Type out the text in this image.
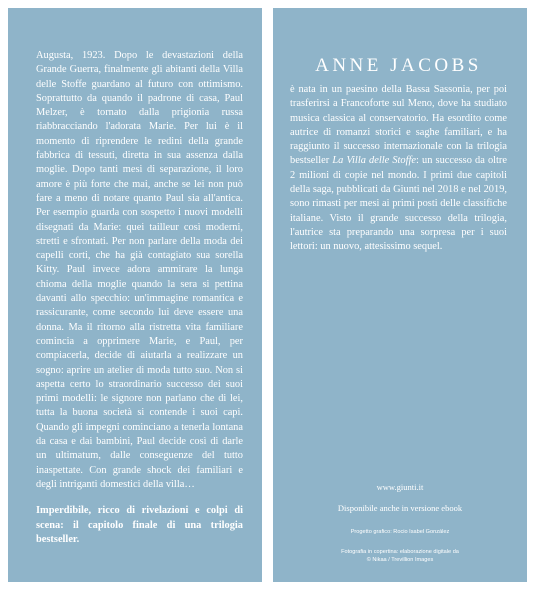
Augusta, 1923. Dopo le devastazioni della Grande Guerra, finalmente gli abitanti della Villa delle Stoffe guardano al futuro con ottimismo. Soprattutto da quando il padrone di casa, Paul Melzer, è tornato dalla prigionia russa riabbracciando l'adorata Marie. Per lui è il momento di riprendere le redini della grande fabbrica di tessuti, diretta in sua assenza dalla moglie. Dopo tanti mesi di separazione, il loro amore è più forte che mai, anche se lei non può fare a meno di notare quanto Paul sia all'antica. Per esempio guarda con sospetto i nuovi modelli disegnati da Marie: quei tailleur così moderni, stretti e sfrontati. Per non parlare della moda dei capelli corti, che ha già contagiato sua sorella Kitty. Paul invece adora ammirare la lunga chioma della moglie quando la sera si pettina davanti allo specchio: un'immagine romantica e rassicurante, come secondo lui deve essere una donna. Ma il ritorno alla ristretta vita familiare comincia a opprimere Marie, e Paul, per compiacerla, decide di aiutarla a realizzare un sogno: aprire un atelier di moda tutto suo. Non si aspetta certo lo straordinario successo dei suoi primi modelli: le signore non parlano che di lei, tutta la buona società si contende i suoi capi. Quando gli impegni cominciano a tenerla lontana da casa e dai bambini, Paul decide così di darle un ultimatum, dalle conseguenze del tutto inaspettate. Con grande shock dei familiari e degli intriganti domestici della villa…

Imperdibile, ricco di rivelazioni e colpi di scena: il capitolo finale di una trilogia bestseller.

ANNE JACOBS

è nata in un paesino della Bassa Sassonia, per poi trasferirsi a Francoforte sul Meno, dove ha studiato musica classica al conservatorio. Ha esordito come autrice di romanzi storici e saghe familiari, e ha raggiunto il successo internazionale con la trilogia bestseller La Villa delle Stoffe: un successo da oltre 2 milioni di copie nel mondo. I primi due capitoli della saga, pubblicati da Giunti nel 2018 e nel 2019, sono rimasti per mesi ai primi posti delle classifiche italiane. Visto il grande successo della trilogia, l'autrice sta preparando una sorpresa per i suoi lettori: un nuovo, attesissimo sequel.

www.giunti.it
Disponibile anche in versione ebook
Progetto grafico: Rocio Isabel González
Fotografia in copertina: elaborazione digitale da
© Nikaa / Trevillion Images
